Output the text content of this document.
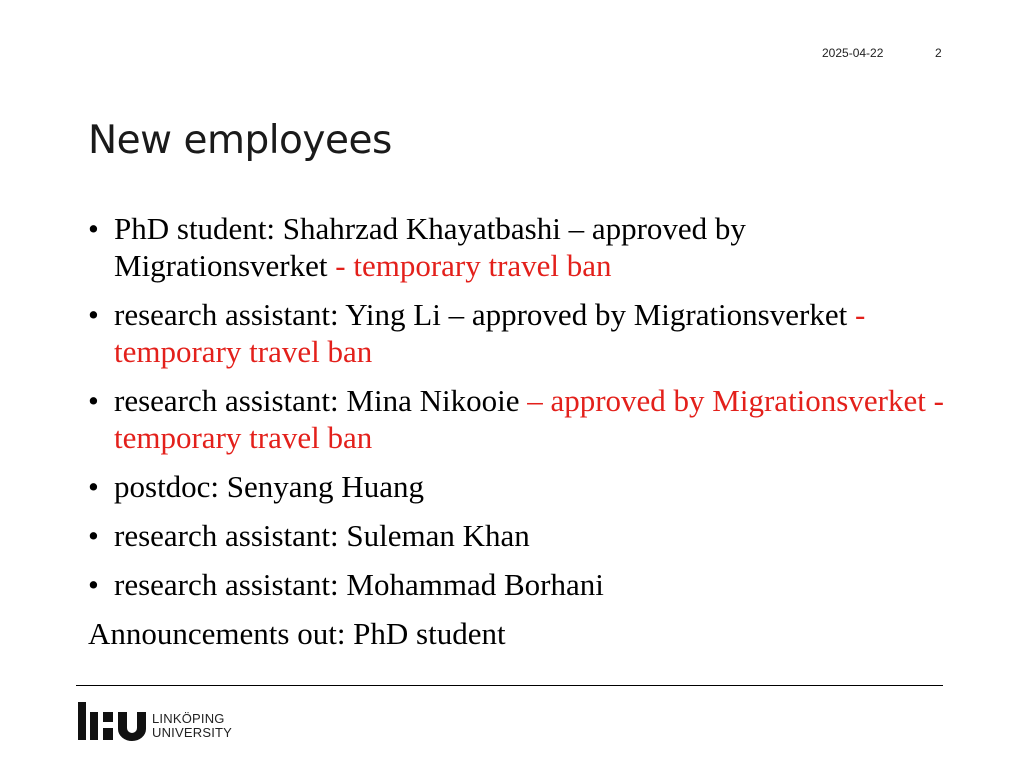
2025-04-22	2
New employees
• PhD student: Shahrzad Khayatbashi – approved by Migrationsverket - temporary travel ban
• research assistant: Ying Li – approved by Migrationsverket - temporary travel ban
• research assistant: Mina Nikooie – approved by Migrationsverket - temporary travel ban
• postdoc: Senyang Huang
• research assistant: Suleman Khan
• research assistant: Mohammad Borhani
Announcements out: PhD student
LINKÖPING
UNIVERSITY
